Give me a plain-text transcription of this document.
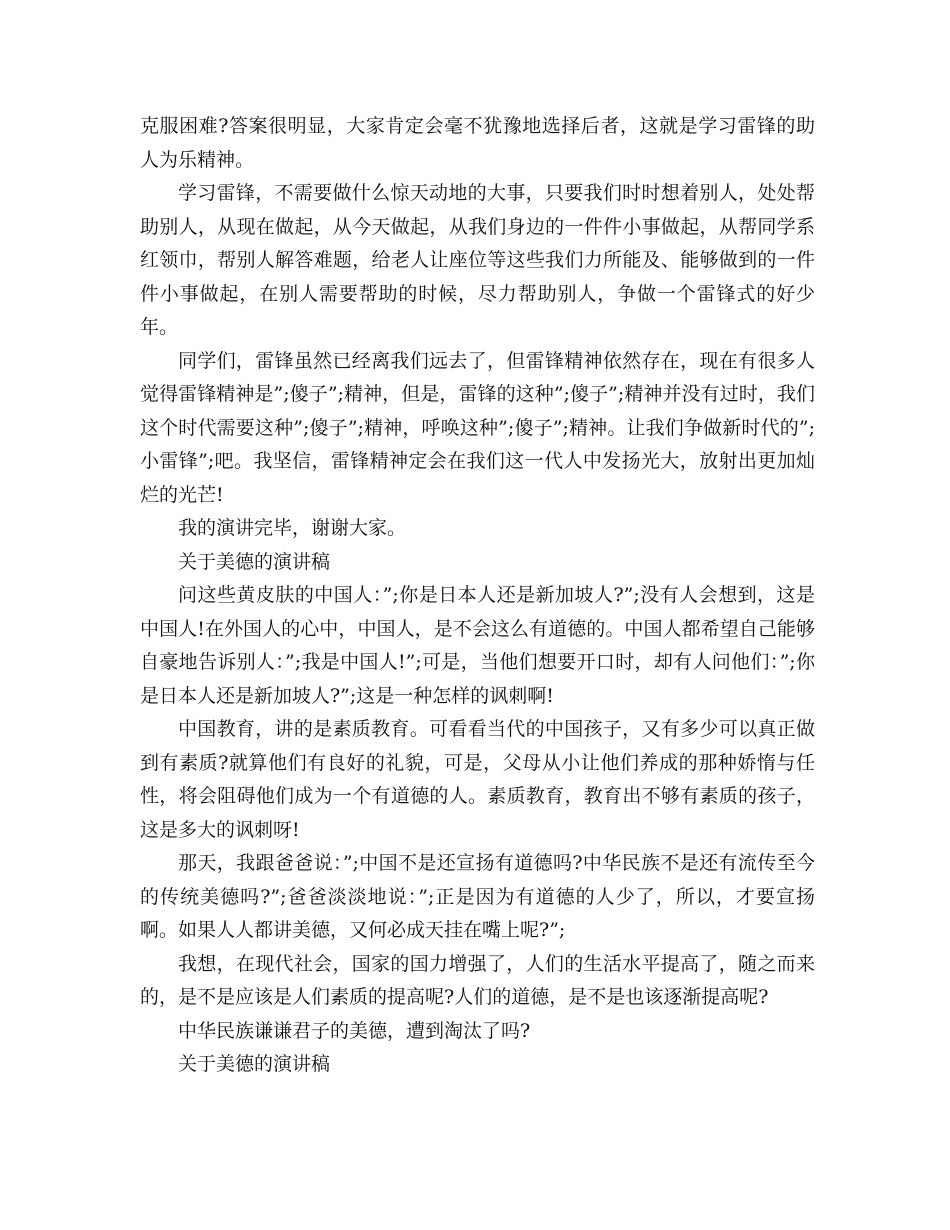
克服困难?答案很明显，大家肯定会毫不犹豫地选择后者，这就是学习雷锋的助人为乐精神。

学习雷锋，不需要做什么惊天动地的大事，只要我们时时想着别人，处处帮助别人，从现在做起，从今天做起，从我们身边的一件件小事做起，从帮同学系红领巾，帮别人解答难题，给老人让座位等这些我们力所能及、能够做到的一件件小事做起，在别人需要帮助的时候，尽力帮助别人，争做一个雷锋式的好少年。

同学们，雷锋虽然已经离我们远去了，但雷锋精神依然存在，现在有很多人觉得雷锋精神是”;傻子”;精神，但是，雷锋的这种”;傻子”;精神并没有过时，我们这个时代需要这种”;傻子”;精神，呼唤这种”;傻子”;精神。让我们争做新时代的”;小雷锋”;吧。我坚信，雷锋精神定会在我们这一代人中发扬光大，放射出更加灿烂的光芒!

我的演讲完毕，谢谢大家。

关于美德的演讲稿

问这些黄皮肤的中国人：”;你是日本人还是新加坡人?”;没有人会想到，这是中国人!在外国人的心中，中国人，是不会这么有道德的。中国人都希望自己能够自豪地告诉别人：”;我是中国人!”;可是，当他们想要开口时，却有人问他们：”;你是日本人还是新加坡人?”;这是一种怎样的讽刺啊!

中国教育，讲的是素质教育。可看看当代的中国孩子，又有多少可以真正做到有素质?就算他们有良好的礼貌，可是，父母从小让他们养成的那种娇惰与任性，将会阻碍他们成为一个有道德的人。素质教育，教育出不够有素质的孩子，这是多大的讽刺呀!

那天，我跟爸爸说：”;中国不是还宣扬有道德吗?中华民族不是还有流传至今的传统美德吗?”;爸爸淡淡地说：”;正是因为有道德的人少了，所以，才要宣扬啊。如果人人都讲美德，又何必成天挂在嘴上呢?”;

我想，在现代社会，国家的国力增强了，人们的生活水平提高了，随之而来的，是不是应该是人们素质的提高呢?人们的道德，是不是也该逐渐提高呢?

中华民族谦谦君子的美德，遭到淘汰了吗?

关于美德的演讲稿
